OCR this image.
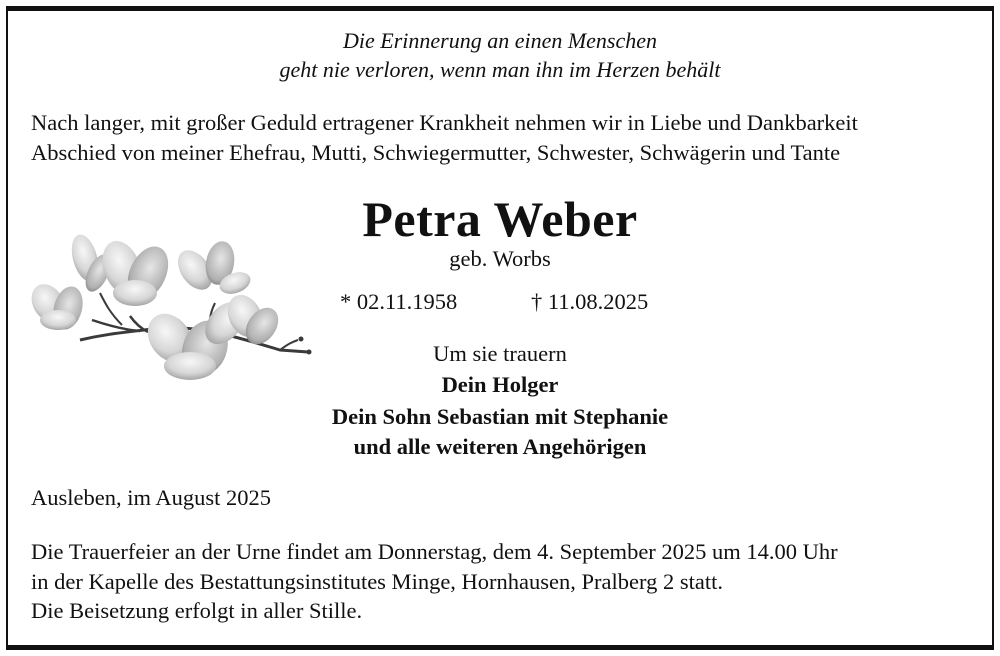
Die Erinnerung an einen Menschen
geht nie verloren, wenn man ihn im Herzen behält
Nach langer, mit großer Geduld ertragener Krankheit nehmen wir in Liebe und Dankbarkeit
Abschied von meiner Ehefrau, Mutti, Schwiegermutter, Schwester, Schwägerin und Tante
Petra Weber
geb. Worbs
* 02.11.1958	† 11.08.2025
Um sie trauern
Dein Holger
Dein Sohn Sebastian mit Stephanie
und alle weiteren Angehörigen
Ausleben, im August 2025
Die Trauerfeier an der Urne findet am Donnerstag, dem 4. September 2025 um 14.00 Uhr
in der Kapelle des Bestattungsinstitutes Minge, Hornhausen, Pralberg 2 statt.
Die Beisetzung erfolgt in aller Stille.
